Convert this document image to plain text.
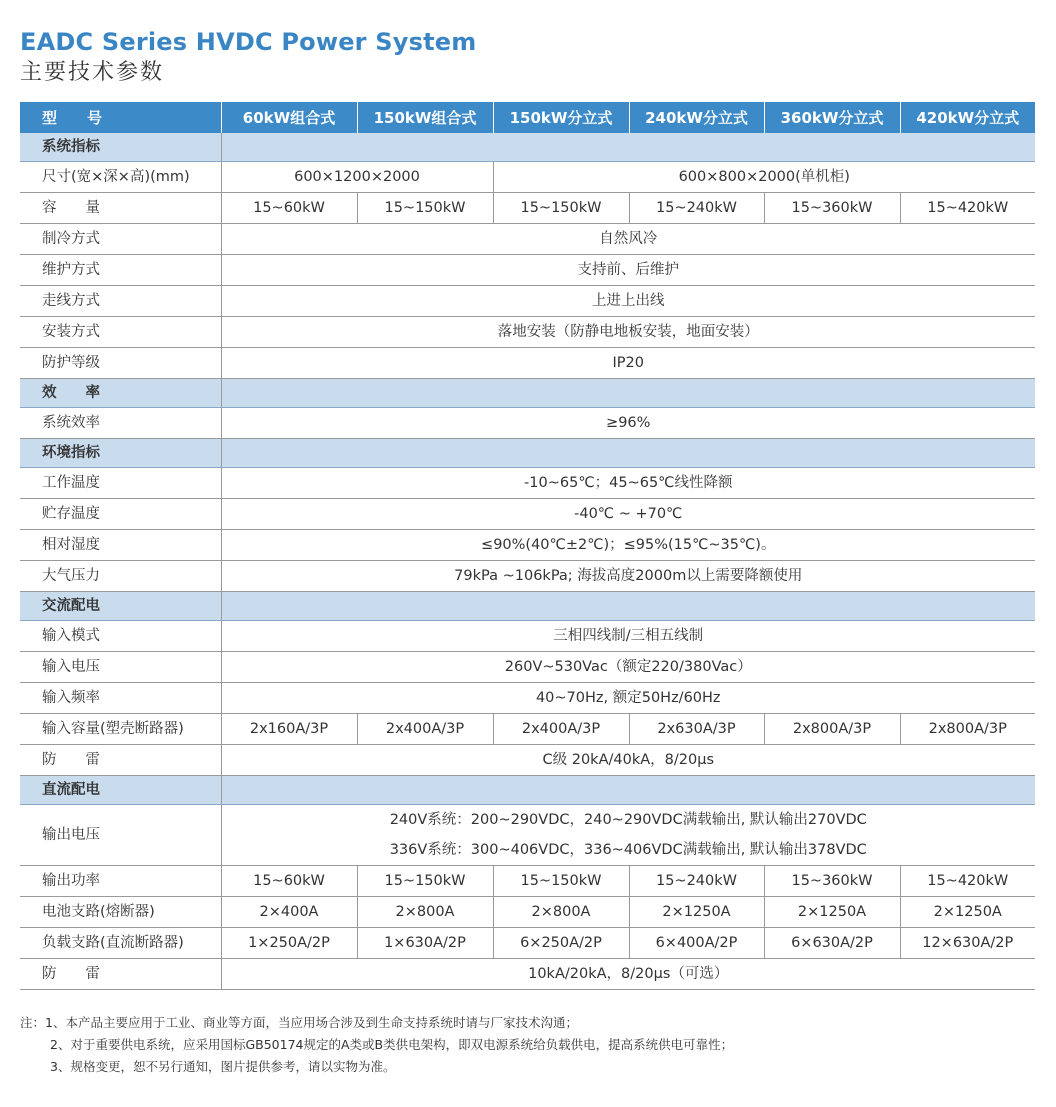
EADC Series HVDC Power System
主要技术参数
型　　号	60kW组合式	150kW组合式	150kW分立式	240kW分立式	360kW分立式	420kW分立式
系统指标						
尺寸(宽×深×高)(mm)	600×1200×2000		600×800×2000(单机柜)			
容　　量	15~60kW	15~150kW	15~150kW	15~240kW	15~360kW	15~420kW
制冷方式	自然风冷					
维护方式	支持前、后维护					
走线方式	上进上出线					
安装方式	落地安装（防静电地板安装，地面安装）					
防护等级	IP20					
效　　率						
系统效率	≥96%					
环境指标						
工作温度	-10~65℃；45~65℃线性降额					
贮存温度	-40℃ ~ +70℃					
相对湿度	≤90%(40℃±2℃)；≤95%(15℃~35℃)。					
大气压力	79kPa ~106kPa; 海拔高度2000m以上需要降额使用					
交流配电						
输入模式	三相四线制/三相五线制					
输入电压	260V~530Vac（额定220/380Vac）					
输入频率	40~70Hz, 额定50Hz/60Hz					
输入容量(塑壳断路器)	2x160A/3P	2x400A/3P	2x400A/3P	2x630A/3P	2x800A/3P	2x800A/3P
防　　雷	C级 20kA/40kA，8/20μs					
直流配电						
输出电压	240V系统：200~290VDC，240~290VDC满载输出, 默认输出270VDC
336V系统：300~406VDC，336~406VDC满载输出, 默认输出378VDC					

输出功率	15~60kW	15~150kW	15~150kW	15~240kW	15~360kW	15~420kW
电池支路(熔断器)	2×400A	2×800A	2×800A	2×1250A	2×1250A	2×1250A
负载支路(直流断路器)	1×250A/2P	1×630A/2P	6×250A/2P	6×400A/2P	6×630A/2P	12×630A/2P
防　　雷	10kA/20kA，8/20μs（可选）					
注：1、本产品主要应用于工业、商业等方面，当应用场合涉及到生命支持系统时请与厂家技术沟通；
2、对于重要供电系统，应采用国标GB50174规定的A类或B类供电架构，即双电源系统给负载供电，提高系统供电可靠性；
3、规格变更，恕不另行通知，图片提供参考，请以实物为准。
